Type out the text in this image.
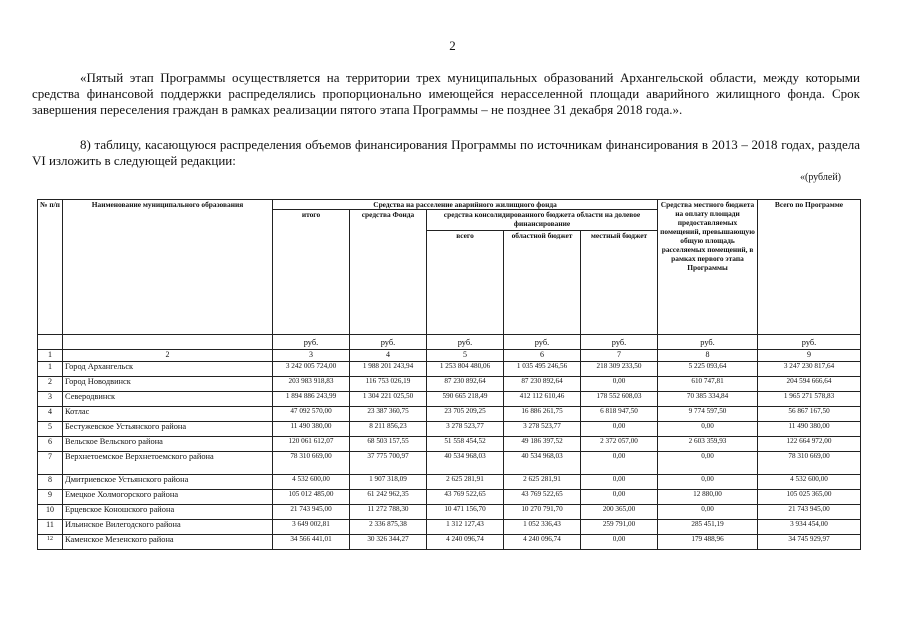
2

«Пятый этап Программы осуществляется на территории трех муниципальных образований Архангельской области, между которыми средства финансовой поддержки распределялись пропорционально имеющейся нерасселенной площади аварийного жилищного фонда. Срок завершения переселения граждан в рамках реализации пятого этапа Программы – не позднее 31 декабря 2018 года.».

8) таблицу, касающуюся распределения объемов финансирования Программы по источникам финансирования в 2013 – 2018 годах, раздела VI изложить в следующей редакции:

«(рублей)
№ п/п	Наименование муниципального образования	Средства на расселение аварийного жилищного фонда					Средства местного бюджета на оплату площади предоставляемых помещений, превышающую общую площадь расселяемых помещений, в рамках первого этапа Программы	Всего по Программе
		итого	средства Фонда	средства консолидированного бюджета области на долевое финансирование				
				всего	областной бюджет	местный бюджет		
		руб.	руб.	руб.	руб.	руб.	руб.	руб.
1	2	3	4	5	6	7	8	9
1	Город Архангельск	3 242 005 724,00	1 988 201 243,94	1 253 804 480,06	1 035 495 246,56	218 309 233,50	5 225 093,64	3 247 230 817,64
2	Город Новодвинск	203 983 918,83	116 753 026,19	87 230 892,64	87 230 892,64	0,00	610 747,81	204 594 666,64
3	Северодвинск	1 894 886 243,99	1 304 221 025,50	590 665 218,49	412 112 610,46	178 552 608,03	70 385 334,84	1 965 271 578,83
4	Котлас	47 092 570,00	23 387 360,75	23 705 209,25	16 886 261,75	6 818 947,50	9 774 597,50	56 867 167,50
5	Бестужевское Устьянского района	11 490 380,00	8 211 856,23	3 278 523,77	3 278 523,77	0,00	0,00	11 490 380,00
6	Вельское Вельского района	120 061 612,07	68 503 157,55	51 558 454,52	49 186 397,52	2 372 057,00	2 603 359,93	122 664 972,00
7	Верхнетоемское Верхнетоемского района	78 310 669,00	37 775 700,97	40 534 968,03	40 534 968,03	0,00	0,00	78 310 669,00
8	Дмитриевское Устьянского района	4 532 600,00	1 907 318,09	2 625 281,91	2 625 281,91	0,00	0,00	4 532 600,00
9	Емецкое Холмогорского района	105 012 485,00	61 242 962,35	43 769 522,65	43 769 522,65	0,00	12 880,00	105 025 365,00
10	Ерцевское Коношского района	21 743 945,00	11 272 788,30	10 471 156,70	10 270 791,70	200 365,00	0,00	21 743 945,00
11	Ильинское Вилегодского района	3 649 002,81	2 336 875,38	1 312 127,43	1 052 336,43	259 791,00	285 451,19	3 934 454,00
12	Каменское Мезенского района	34 566 441,01	30 326 344,27	4 240 096,74	4 240 096,74	0,00	179 488,96	34 745 929,97
